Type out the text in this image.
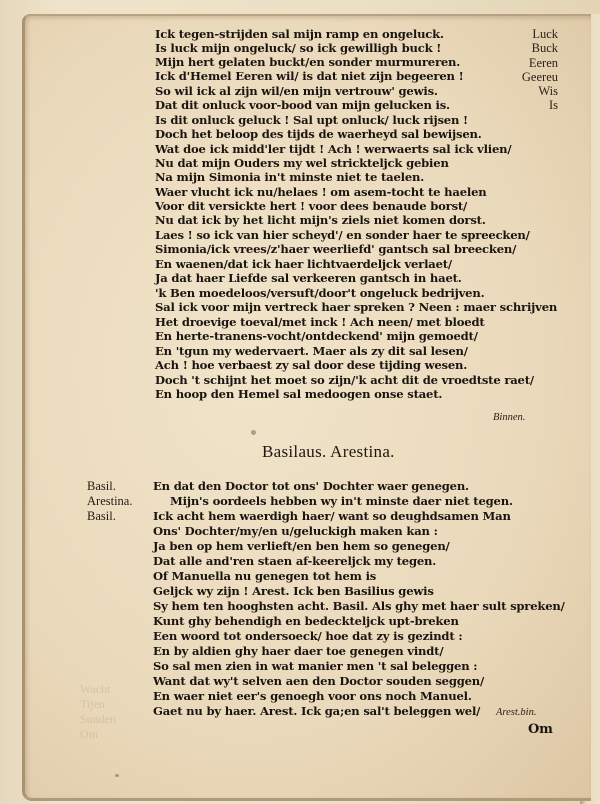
Wacht
Tijen
Sunden
Om
Ick tegen-strijden sal mijn ramp en ongeluck.
Is luck mijn ongeluck/ so ick gewilligh buck !
Mijn hert gelaten buckt/en sonder murmureren.
Ick d'Hemel Eeren wil/ is dat niet zijn begeeren !
So wil ick al zijn wil/en mijn vertrouw' gewis.
Dat dit onluck voor-bood van mijn gelucken is.
Is dit onluck geluck ! Sal upt onluck/ luck rijsen !
Doch het beloop des tijds de waerheyd sal bewijsen.
Wat doe ick midd'ler tijdt ! Ach ! werwaerts sal ick vlien/
Nu dat mijn Ouders my wel strickteljck gebien
Na mijn Simonia in't minste niet te taelen.
Waer vlucht ick nu/helaes ! om asem-tocht te haelen
Voor dit versickte hert ! voor dees benaude borst/
Nu dat ick by het licht mijn's ziels niet komen dorst.
Laes ! so ick van hier scheyd'/ en sonder haer te spreecken/
Simonia/ick vrees/z'haer weerliefd' gantsch sal breecken/
En waenen/dat ick haer lichtvaerdeljck verlaet/
Ja dat haer Liefde sal verkeeren gantsch in haet.
'k Ben moedeloos/versuft/door't ongeluck bedrijven.
Sal ick voor mijn vertreck haer spreken ? Neen : maer schrijven
Het droevige toeval/met inck ! Ach neen/ met bloedt
En herte-tranens-vocht/ontdeckend' mijn gemoedt/
En 'tgun my wedervaert. Maer als zy dit sal lesen/
Ach ! hoe verbaest zy sal door dese tijding wesen.
Doch 't schijnt het moet so zijn/'k acht dit de vroedtste raet/
En hoop den Hemel sal medoogen onse staet.
Luck
Buck
Eeren
Geereu
Wis
Is
Binnen.
Basilaus. Arestina.
Basil.
Arestina.
Basil.
En dat den Doctor tot ons' Dochter waer genegen.
Mijn's oordeels hebben wy in't minste daer niet tegen.
Ick acht hem waerdigh haer/ want so deughdsamen Man
Ons' Dochter/my/en u/geluckigh maken kan :
Ja ben op hem verlieft/en ben hem so genegen/
Dat alle and'ren staen af-keereljck my tegen.
Of Manuella nu genegen tot hem is
Geljck wy zijn ! Arest. Ick ben Basilius gewis
Sy hem ten hooghsten acht. Basil. Als ghy met haer sult spreken/
Kunt ghy behendigh en bedeckteljck upt-breken
Een woord tot ondersoeck/ hoe dat zy is gezindt :
En by aldien ghy haer daer toe genegen vindt/
So sal men zien in wat manier men 't sal beleggen :
Want dat wy't selven aen den Doctor souden seggen/
En waer niet eer's genoegh voor ons noch Manuel.
Gaet nu by haer. Arest. Ick ga;en sal't beleggen wel/ Arest.bin.
Om
